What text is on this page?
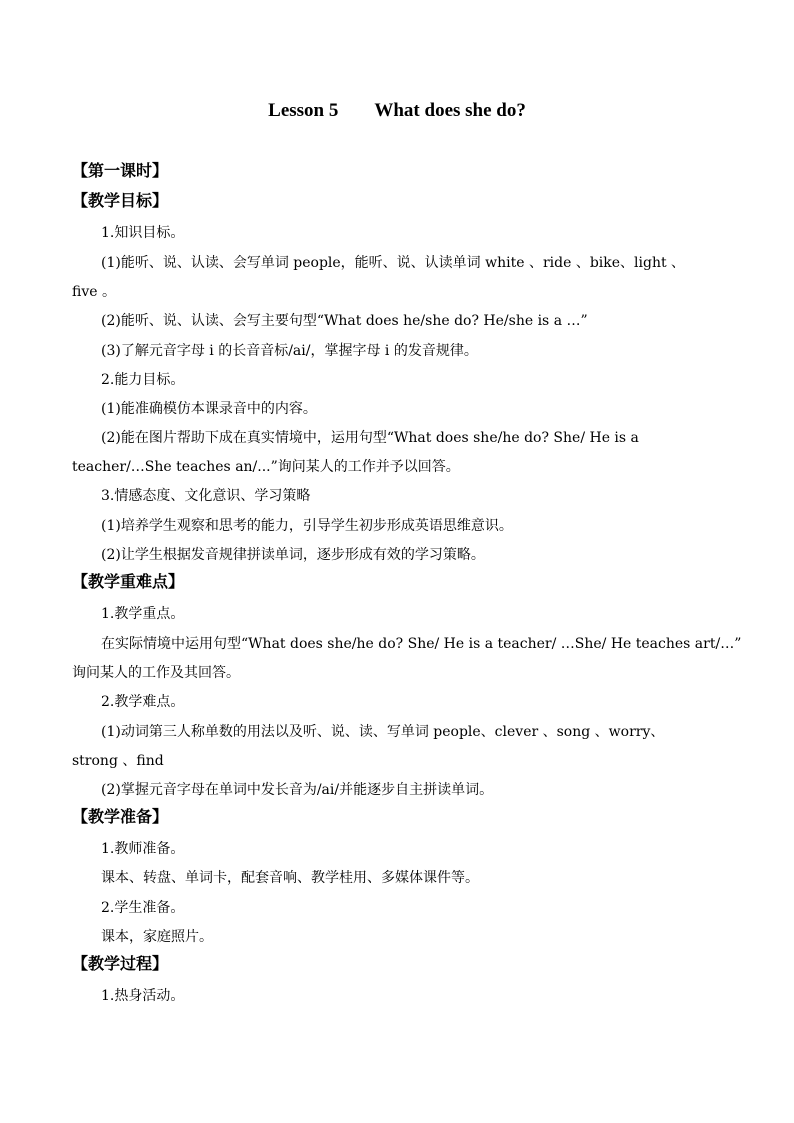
Lesson 5 What does she do?
【第一课时】
【教学目标】
1.知识目标。
(1)能听、说、认读、会写单词 people，能听、说、认读单词 white 、ride 、bike、light 、
five 。
(2)能听、说、认读、会写主要句型“What does he/she do? He/she is a …”
(3)了解元音字母 i 的长音音标/ai/，掌握字母 i 的发音规律。
2.能力目标。
(1)能准确模仿本课录音中的内容。
(2)能在图片帮助下成在真实情境中，运用句型“What does she/he do? She/ He is a
teacher/…She teaches an/...”询问某人的工作并予以回答。
3.情感态度、文化意识、学习策略
(1)培养学生观察和思考的能力，引导学生初步形成英语思维意识。
(2)让学生根据发音规律拼读单词，逐步形成有效的学习策略。
【教学重难点】
1.教学重点。
在实际情境中运用句型“What does she/he do? She/ He is a teacher/ …She/ He teaches art/…”
询问某人的工作及其回答。
2.教学难点。
(1)动词第三人称单数的用法以及听、说、读、写单词 people、clever 、song 、worry、
strong 、find
(2)掌握元音字母在单词中发长音为/ai/并能逐步自主拼读单词。
【教学准备】
1.教师准备。
课本、转盘、单词卡，配套音响、教学桂用、多媒体课件等。
2.学生准备。
课本，家庭照片。
【教学过程】
1.热身活动。
